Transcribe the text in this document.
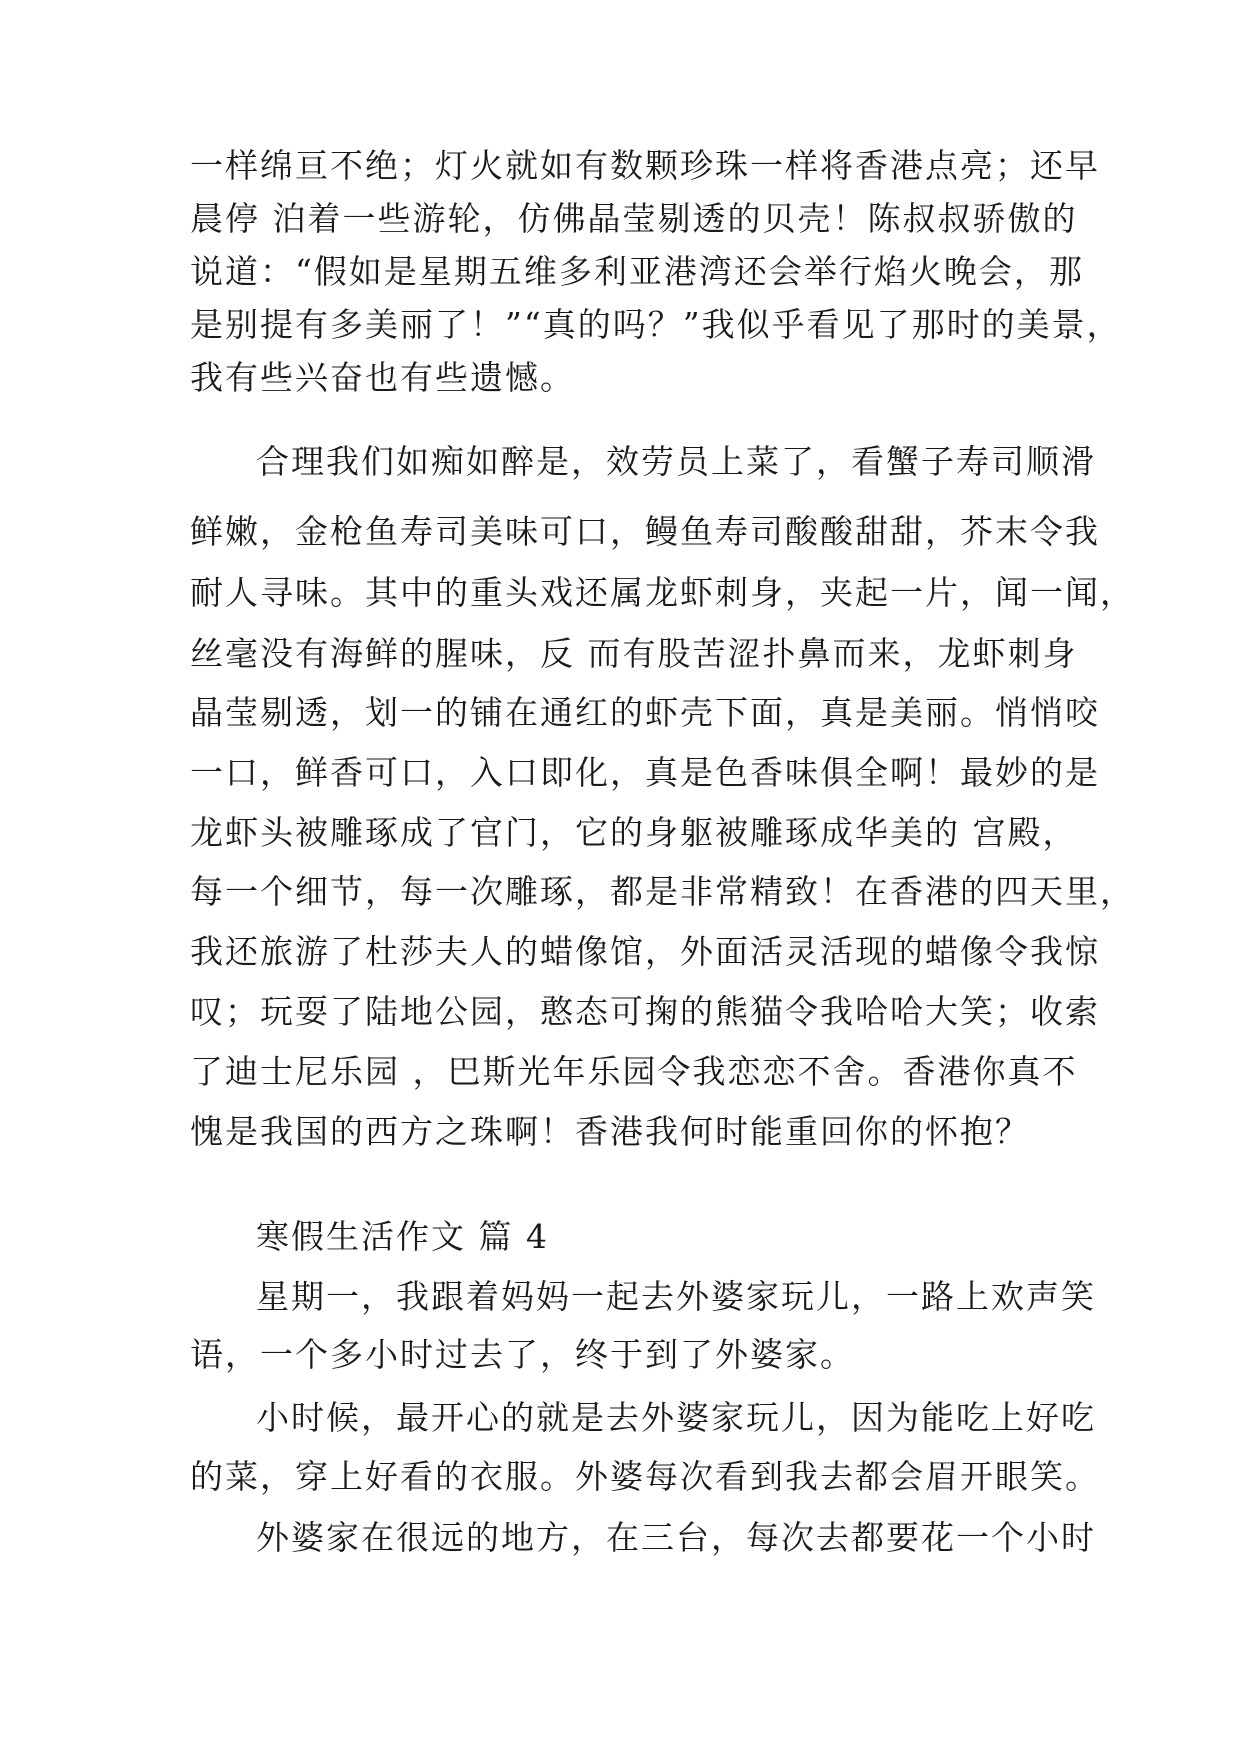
一样绵亘不绝；灯火就如有数颗珍珠一样将香港点亮；还早
晨停 泊着一些游轮，仿佛晶莹剔透的贝壳！陈叔叔骄傲的
说道：“假如是星期五维多利亚港湾还会举行焰火晚会，那
是别提有多美丽了！”“真的吗？”我似乎看见了那时的美景，
我有些兴奋也有些遗憾。
合理我们如痴如醉是，效劳员上菜了，看蟹子寿司顺滑
鲜嫩，金枪鱼寿司美味可口，鳗鱼寿司酸酸甜甜，芥末令我
耐人寻味。其中的重头戏还属龙虾刺身，夹起一片，闻一闻，
丝毫没有海鲜的腥味，反 而有股苦涩扑鼻而来，龙虾刺身
晶莹剔透，划一的铺在通红的虾壳下面，真是美丽。悄悄咬
一口，鲜香可口，入口即化，真是色香味俱全啊！最妙的是
龙虾头被雕琢成了官门，它的身躯被雕琢成华美的 宫殿，
每一个细节，每一次雕琢，都是非常精致！在香港的四天里，
我还旅游了杜莎夫人的蜡像馆，外面活灵活现的蜡像令我惊
叹；玩耍了陆地公园，憨态可掬的熊猫令我哈哈大笑；收索
了迪士尼乐园 ，巴斯光年乐园令我恋恋不舍。香港你真不
愧是我国的西方之珠啊！香港我何时能重回你的怀抱？
寒假生活作文 篇 4
星期一，我跟着妈妈一起去外婆家玩儿，一路上欢声笑
语，一个多小时过去了，终于到了外婆家。
小时候，最开心的就是去外婆家玩儿，因为能吃上好吃
的菜，穿上好看的衣服。外婆每次看到我去都会眉开眼笑。
外婆家在很远的地方，在三台，每次去都要花一个小时
